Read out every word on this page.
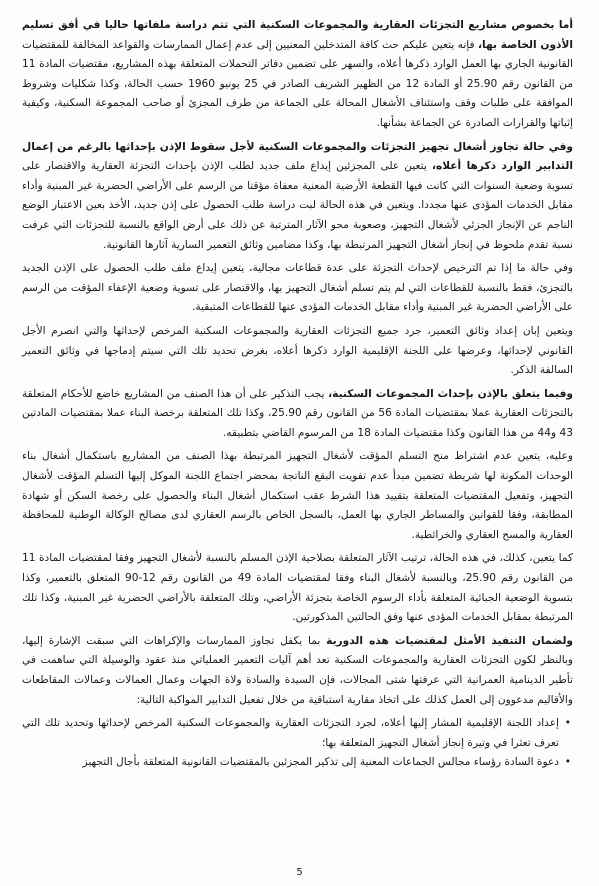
أما بخصوص مشاريع التجزئات العقارية والمجموعات السكنية التي تتم دراسة ملفاتها حاليا في أفق تسليم الأذون الخاصة بها، فإنه يتعين عليكم حث كافة المتدخلين المعنيين إلى عدم إعمال الممارسات والقواعد المخالفة للمقتضيات القانونية الجاري بها العمل الوارد ذكرها أعلاه، والسهر على تضمين دفاتر التحملات المتعلقة بهذه المشاريع، مقتضيات المادة 11 من القانون رقم 25.90 أو المادة 12 من الظهير الشريف الصادر في 25 يونيو 1960 حسب الحالة، وكذا شكليات وشروط الموافقة على طلبات وقف واستئناف الأشغال المحالة على الجماعة من طرف المجزئ أو صاحب المجموعة السكنية، وكيفية إثباتها والقرارات الصادرة عن الجماعة بشأنها.

وفي حالة تجاوز أشغال تجهيز التجزئات والمجموعات السكنية لأجل سقوط الإذن بإحداثها بالرغم من إعمال التدابير الوارد ذكرها أعلاه، يتعين على المجزئين إيداع ملف جديد لطلب الإذن بإحداث التجزئة العقارية والاقتصار على تسوية وضعية السنوات التي كانت فيها القطعة الأرضية المعنية معفاة مؤقتا من الرسم على الأراضي الحضرية غير المبنية وأداء مقابل الخدمات المؤدى عنها مجددا. ويتعين في هذه الحالة لبت دراسة طلب الحصول على إذن جديد، الأخذ بعين الاعتبار الوضع الناجم عن الإنجاز الجزئي لأشغال التجهيز، وصعوبة محو الآثار المترتبة عن ذلك على أرض الواقع بالنسبة للتجزئات التي عرفت نسبة تقدم ملحوظ في إنجاز أشغال التجهيز المرتبطة بها، وكذا مضامين وثائق التعمير السارية آثارها القانونية.

وفي حالة ما إذا تم الترخيص لإحداث التجزئة على عدة قطاعات مجالية، يتعين إيداع ملف طلب الحصول على الإذن الجديد بالتجزئ، فقط بالنسبة للقطاعات التي لم يتم تسلم أشغال التجهيز بها، والاقتصار على تسوية وضعية الإعفاء المؤقت من الرسم على الأراضي الحضرية غير المبنية وأداء مقابل الخدمات المؤدى عنها للقطاعات المتبقية.

ويتعين إبان إعداد وثائق التعمير، جرد جميع التجزئات العقارية والمجموعات السكنية المرخص لإحداثها والتي انصرم الأجل القانوني لإحداثها، وعرضها على اللجنة الإقليمية الوارد ذكرها أعلاه، بغرض تحديد تلك التي سيتم إدماجها في وثائق التعمير السالفة الذكر.

وفيما يتعلق بالإذن بإحداث المجموعات السكنية، يجب التذكير على أن هذا الصنف من المشاريع خاضع للأحكام المتعلقة بالتجزئات العقارية عملا بمقتضيات المادة 56 من القانون رقم 25.90، وكذا تلك المتعلقة برخصة البناء عملا بمقتضيات المادتين 43 و44 من هذا القانون وكذا مقتضيات المادة 18 من المرسوم القاضي بتطبيقه.

وعليه، يتعين عدم اشتراط منح التسلم المؤقت لأشغال التجهيز المرتبطة بهذا الصنف من المشاريع باستكمال أشغال بناء الوحدات المكونة لها شريطة تضمين مبدأ عدم تفويت البقع الناتجة بمحضر اجتماع اللجنة الموكل إليها التسلم المؤقت لأشغال التجهيز، وتفعيل المقتضيات المتعلقة بتقييد هذا الشرط عقب استكمال أشغال البناء والحصول على رخصة السكن أو شهادة المطابقة، وفقا للقوانين والمساطر الجاري بها العمل، بالسجل الخاص بالرسم العقاري لدى مصالح الوكالة الوطنية للمحافظة العقارية والمسح العقاري والخرائطية.

كما يتعين، كذلك، في هذه الحالة، ترتيب الآثار المتعلقة بصلاحية الإذن المسلم بالنسبة لأشغال التجهيز وفقا لمقتضيات المادة 11 من القانون رقم 25.90، وبالنسبة لأشغال البناء وفقا لمقتضيات المادة 49 من القانون رقم 12-90 المتعلق بالتعمير، وكذا بتسوية الوضعية الجبائية المتعلقة بأداء الرسوم الخاصة بتجزئة الأراضي، وتلك المتعلقة بالأراضي الحضرية غير المبنية، وكذا تلك المرتبطة بمقابل الخدمات المؤدى عنها وفق الحالتين المذكورتين.

ولضمان التنفيذ الأمثل لمقتضيات هذه الدورية بما يكفل تجاوز الممارسات والإكراهات التي سبقت الإشارة إليها، وبالنظر لكون التجزئات العقارية والمجموعات السكنية تعد أهم آليات التعمير العملياتي منذ عقود والوسيلة التي ساهمت في تأطير الدينامية العمرانية التي عرفتها شتى المجالات، فإن السيدة والسادة ولاة الجهات وعمال العمالات وعمالات المقاطعات والأقاليم مدعوون إلى العمل كذلك على اتخاذ مقاربة استباقية من خلال تفعيل التدابير المواكبة التالية:

• إعداد اللجنة الإقليمية المشار إليها أعلاه، لجرد التجزئات العقارية والمجموعات السكنية المرخص لإحداثها وتحديد تلك التي تعرف تعثرا في وتيرة إنجاز أشغال التجهيز المتعلقة بها؛
• دعوة السادة رؤساء مجالس الجماعات المعنية إلى تذكير المجزئين بالمقتضيات القانونية المتعلقة بأجال التجهيز
5
